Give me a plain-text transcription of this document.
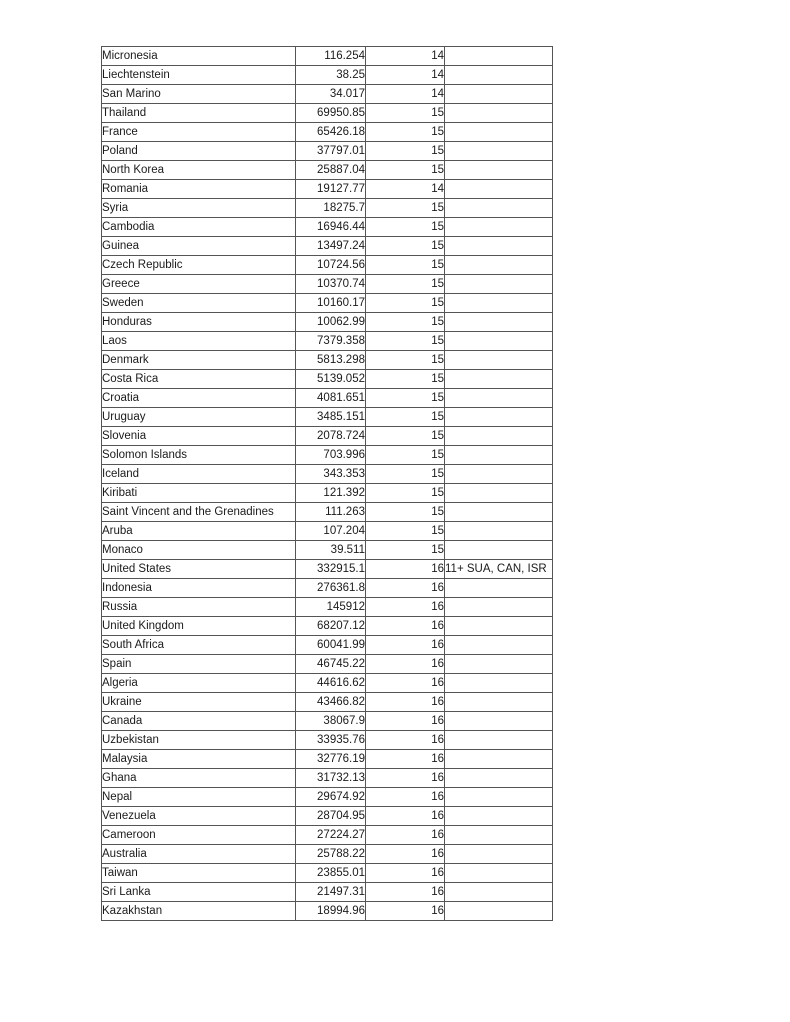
Micronesia	116.254	14	
Liechtenstein	38.25	14	
San Marino	34.017	14	
Thailand	69950.85	15	
France	65426.18	15	
Poland	37797.01	15	
North Korea	25887.04	15	
Romania	19127.77	14	
Syria	18275.7	15	
Cambodia	16946.44	15	
Guinea	13497.24	15	
Czech Republic	10724.56	15	
Greece	10370.74	15	
Sweden	10160.17	15	
Honduras	10062.99	15	
Laos	7379.358	15	
Denmark	5813.298	15	
Costa Rica	5139.052	15	
Croatia	4081.651	15	
Uruguay	3485.151	15	
Slovenia	2078.724	15	
Solomon Islands	703.996	15	
Iceland	343.353	15	
Kiribati	121.392	15	
Saint Vincent and the Grenadines	111.263	15	
Aruba	107.204	15	
Monaco	39.511	15	
United States	332915.1	16	11+ SUA, CAN, ISR
Indonesia	276361.8	16	
Russia	145912	16	
United Kingdom	68207.12	16	
South Africa	60041.99	16	
Spain	46745.22	16	
Algeria	44616.62	16	
Ukraine	43466.82	16	
Canada	38067.9	16	
Uzbekistan	33935.76	16	
Malaysia	32776.19	16	
Ghana	31732.13	16	
Nepal	29674.92	16	
Venezuela	28704.95	16	
Cameroon	27224.27	16	
Australia	25788.22	16	
Taiwan	23855.01	16	
Sri Lanka	21497.31	16	
Kazakhstan	18994.96	16	
